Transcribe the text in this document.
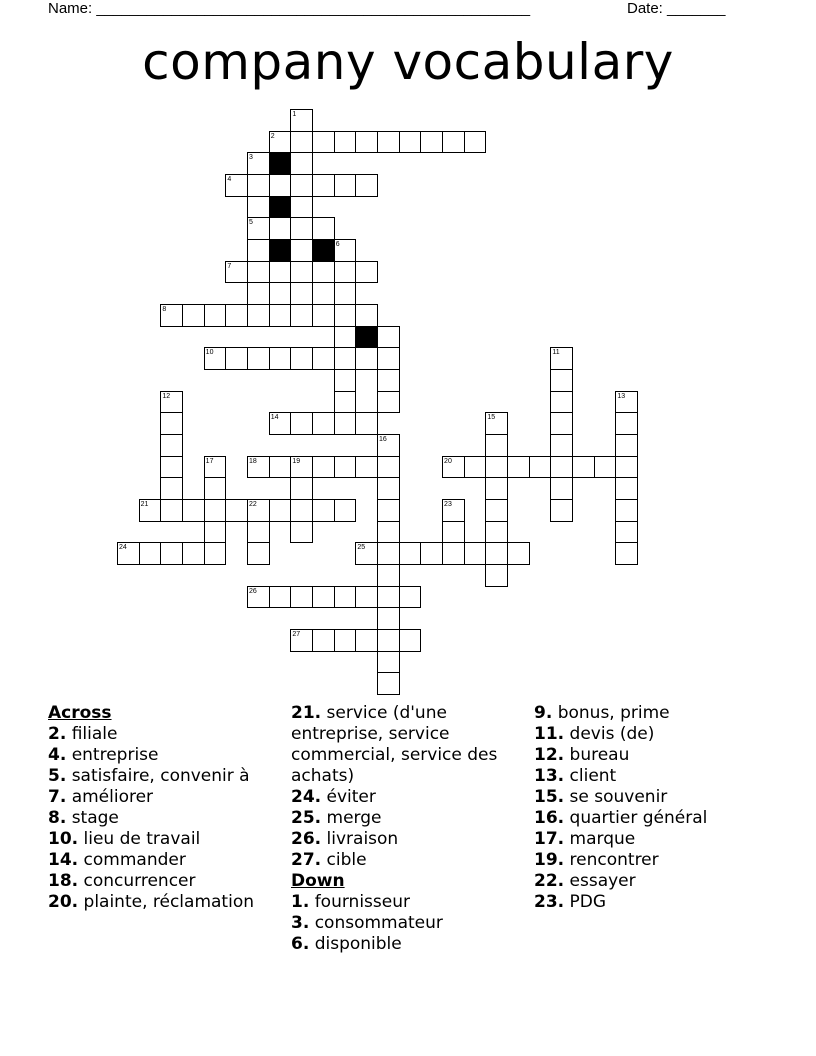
Name: ____________________________________________________	Date: _______
company vocabulary
1
2
3
4
5
6
7
8
9
10
14
12
11
13
15
16
17	18	19	20
21	22	23
24	25
26
27
Across
2. filiale
4. entreprise
5. satisfaire, convenir à
7. améliorer
8. stage
10. lieu de travail
14. commander
18. concurrencer
20. plainte, réclamation
21. service (d'une entreprise, service commercial, service des achats)
24. éviter
25. merge
26. livraison
27. cible
Down
1. fournisseur
3. consommateur
6. disponible
9. bonus, prime
11. devis (de)
12. bureau
13. client
15. se souvenir
16. quartier général
17. marque
19. rencontrer
22. essayer
23. PDG
